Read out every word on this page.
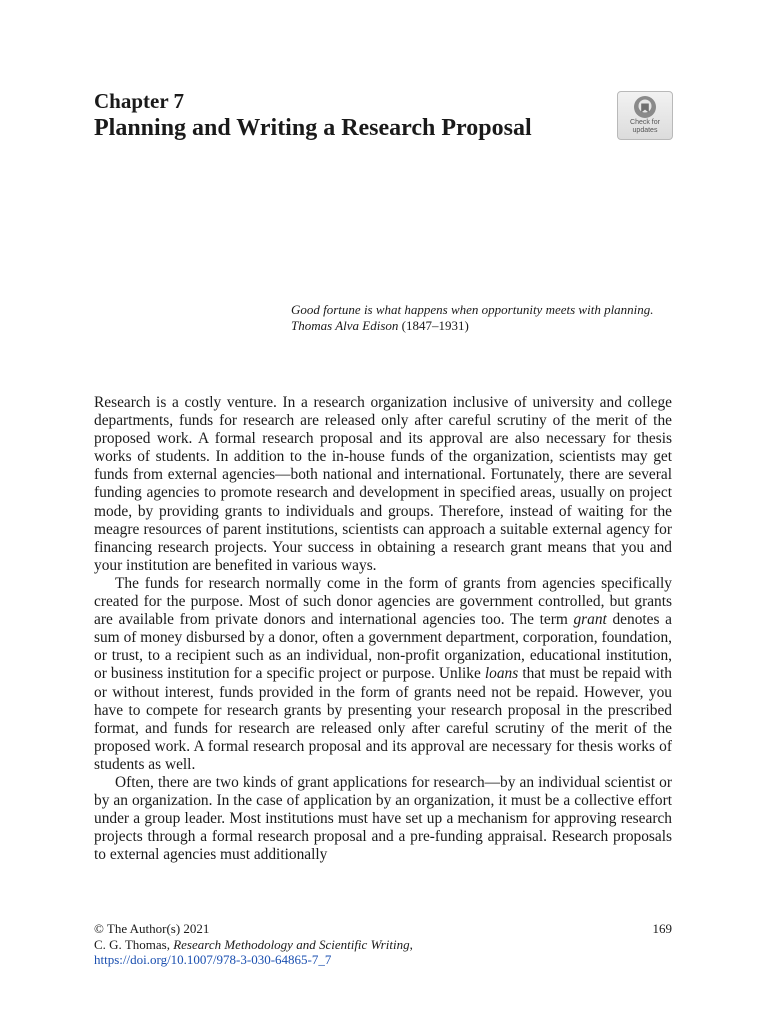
Chapter 7
Planning and Writing a Research Proposal	Check for
updates
Good fortune is what happens when opportunity meets with planning.
Thomas Alva Edison (1847–1931)

Research is a costly venture. In a research organization inclusive of university and college departments, funds for research are released only after careful scrutiny of the merit of the proposed work. A formal research proposal and its approval are also necessary for thesis works of students. In addition to the in-house funds of the organization, scientists may get funds from external agencies—both national and international. Fortunately, there are several funding agencies to promote research and development in specified areas, usually on project mode, by providing grants to individuals and groups. Therefore, instead of waiting for the meagre resources of parent institutions, scientists can approach a suitable external agency for financing research projects. Your success in obtaining a research grant means that you and your institution are benefited in various ways.

The funds for research normally come in the form of grants from agencies specifically created for the purpose. Most of such donor agencies are government controlled, but grants are available from private donors and international agencies too. The term grant denotes a sum of money disbursed by a donor, often a government department, corporation, foundation, or trust, to a recipient such as an individual, non-profit organization, educational institution, or business institution for a specific project or purpose. Unlike loans that must be repaid with or without interest, funds provided in the form of grants need not be repaid. However, you have to compete for research grants by presenting your research proposal in the prescribed format, and funds for research are released only after careful scrutiny of the merit of the proposed work. A formal research proposal and its approval are necessary for thesis works of students as well.

Often, there are two kinds of grant applications for research—by an individual scientist or by an organization. In the case of application by an organization, it must be a collective effort under a group leader. Most institutions must have set up a mechanism for approving research projects through a formal research proposal and a pre-funding appraisal. Research proposals to external agencies must additionally

© The Author(s) 2021	169
C. G. Thomas, Research Methodology and Scientific Writing,
https://doi.org/10.1007/978-3-030-64865-7_7
